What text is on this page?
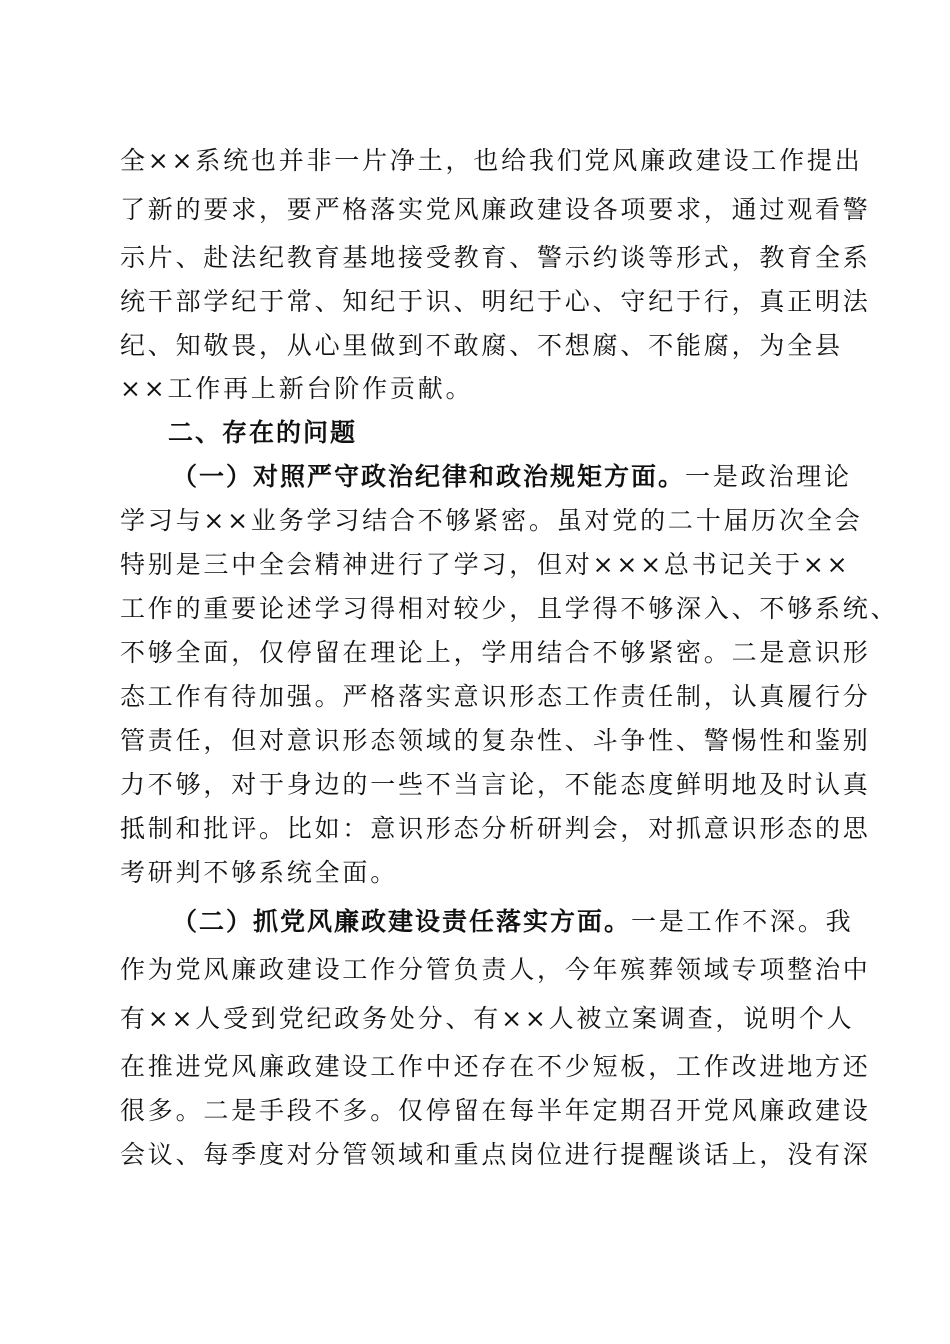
全××系统也并非一片净土，也给我们党风廉政建设工作提出
了新的要求，要严格落实党风廉政建设各项要求，通过观看警
示片、赴法纪教育基地接受教育、警示约谈等形式，教育全系
统干部学纪于常、知纪于识、明纪于心、守纪于行，真正明法
纪、知敬畏，从心里做到不敢腐、不想腐、不能腐，为全县
××工作再上新台阶作贡献。
二、存在的问题
（一）对照严守政治纪律和政治规矩方面。一是政治理论
学习与××业务学习结合不够紧密。虽对党的二十届历次全会
特别是三中全会精神进行了学习，但对×××总书记关于××
工作的重要论述学习得相对较少，且学得不够深入、不够系统、
不够全面，仅停留在理论上，学用结合不够紧密。二是意识形
态工作有待加强。严格落实意识形态工作责任制，认真履行分
管责任，但对意识形态领域的复杂性、斗争性、警惕性和鉴别
力不够，对于身边的一些不当言论，不能态度鲜明地及时认真
抵制和批评。比如：意识形态分析研判会，对抓意识形态的思
考研判不够系统全面。
（二）抓党风廉政建设责任落实方面。一是工作不深。我
作为党风廉政建设工作分管负责人，今年殡葬领域专项整治中
有××人受到党纪政务处分、有××人被立案调查，说明个人
在推进党风廉政建设工作中还存在不少短板，工作改进地方还
很多。二是手段不多。仅停留在每半年定期召开党风廉政建设
会议、每季度对分管领域和重点岗位进行提醒谈话上，没有深
